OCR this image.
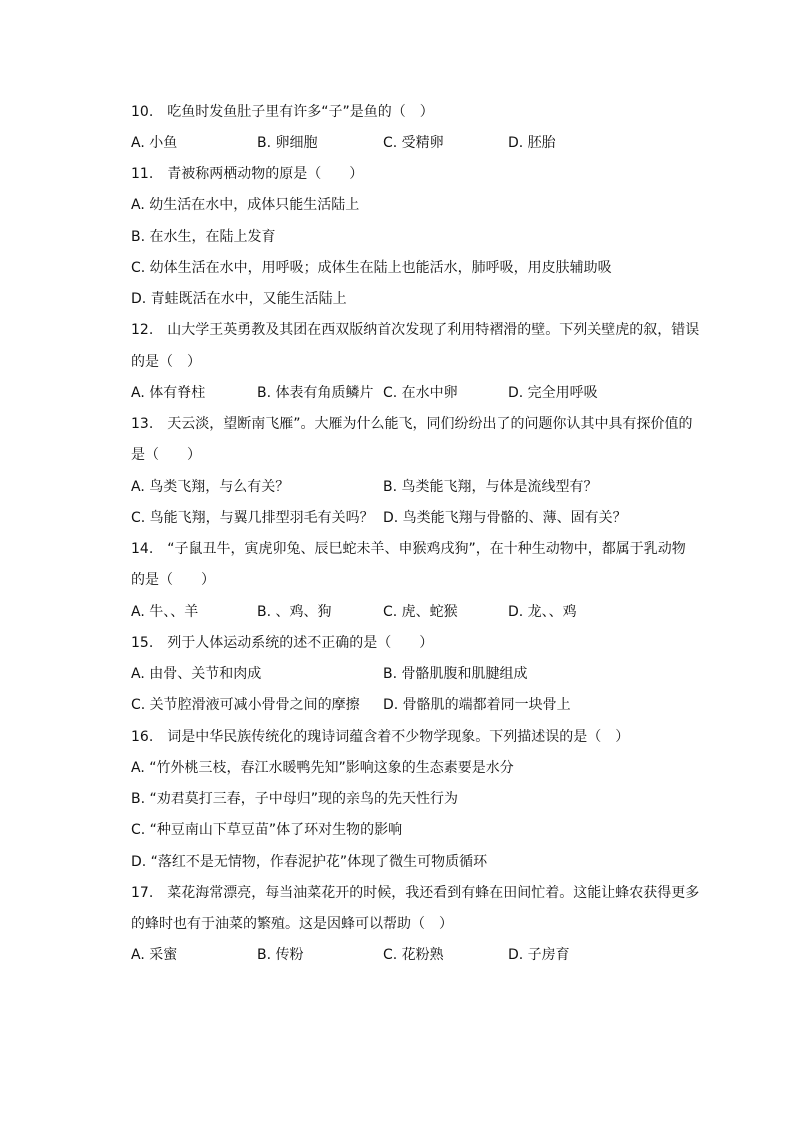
10.　吃鱼时发鱼肚子里有许多“子”是鱼的（　）
A. 小鱼	B. 卵细胞	C. 受精卵	D. 胚胎
11.　青被称两栖动物的原是（　　）
A. 幼生活在水中，成体只能生活陆上
B. 在水生，在陆上发育
C. 幼体生活在水中，用呼吸；成体生在陆上也能活水，肺呼吸，用皮肤辅助吸
D. 青蛙既活在水中，又能生活陆上
12.　山大学王英勇教及其团在西双版纳首次发现了利用特褶滑的壁。下列关壁虎的叙，错误
的是（　）
A. 体有脊柱	B. 体表有角质鳞片 C. 在水中卵	D. 完全用呼吸
13.　天云淡，望断南飞雁”。大雁为什么能飞，同们纷纷出了的问题你认其中具有探价值的
是（　　）
A. 鸟类飞翔，与么有关？	B. 鸟类能飞翔，与体是流线型有？
C. 鸟能飞翔，与翼几排型羽毛有关吗？ D. 鸟类能飞翔与骨骼的、薄、固有关？
14.　“子鼠丑牛，寅虎卯兔、辰巳蛇未羊、申猴鸡戌狗”，在十种生动物中，都属于乳动物
的是（　　）
A. 牛、、羊	B. 、鸡、狗	C. 虎、蛇猴	D. 龙、、鸡
15.　列于人体运动系统的述不正确的是（　　）
A. 由骨、关节和肉成	B. 骨骼肌腹和肌腱组成
C. 关节腔滑液可减小骨骨之间的摩擦 D. 骨骼肌的端都着同一块骨上
16.　词是中华民族传统化的瑰诗词蕴含着不少物学现象。下列描述误的是（　）
A. “竹外桃三枝，春江水暖鸭先知”影响这象的生态素要是水分
B. “劝君莫打三春，子中母归”现的亲鸟的先天性行为
C. “种豆南山下草豆苗”体了环对生物的影响
D. “落红不是无情物，作春泥护花”体现了微生可物质循环
17.　菜花海常漂亮，每当油菜花开的时候，我还看到有蜂在田间忙着。这能让蜂农获得更多
的蜂时也有于油菜的繁殖。这是因蜂可以帮助（　）
A. 采蜜	B. 传粉	C. 花粉熟	D. 子房育
